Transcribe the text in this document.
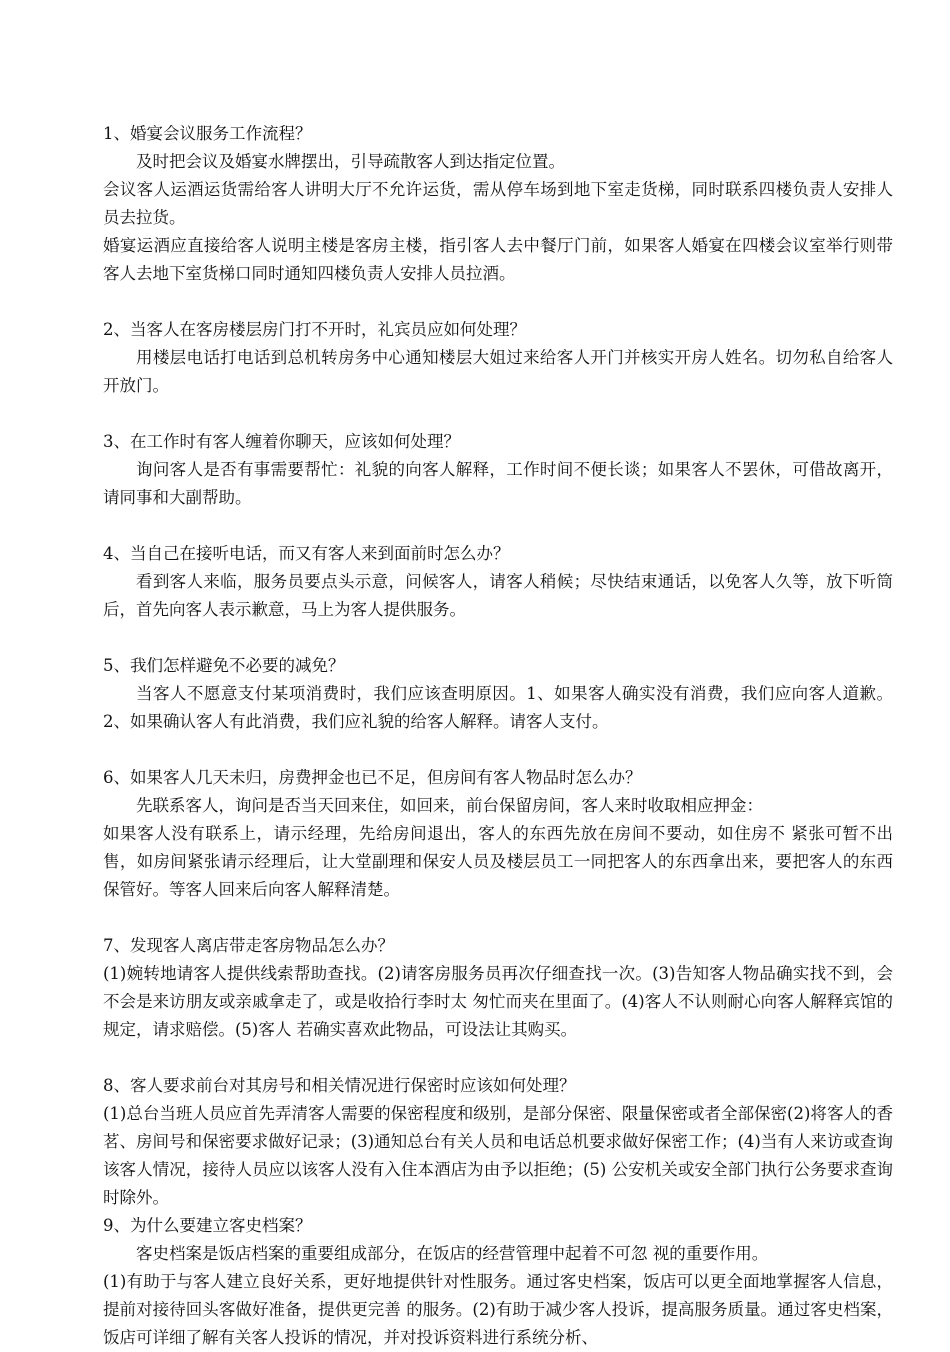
1、婚宴会议服务工作流程？

及时把会议及婚宴水牌摆出，引导疏散客人到达指定位置。

会议客人运酒运货需给客人讲明大厅不允许运货，需从停车场到地下室走货梯，同时联系四楼负责人安排人员去拉货。

婚宴运酒应直接给客人说明主楼是客房主楼，指引客人去中餐厅门前，如果客人婚宴在四楼会议室举行则带客人去地下室货梯口同时通知四楼负责人安排人员拉酒。

2、当客人在客房楼层房门打不开时，礼宾员应如何处理？

用楼层电话打电话到总机转房务中心通知楼层大姐过来给客人开门并核实开房人姓名。切勿私自给客人开放门。

3、在工作时有客人缠着你聊天，应该如何处理？

询问客人是否有事需要帮忙：礼貌的向客人解释，工作时间不便长谈；如果客人不罢休，可借故离开，请同事和大副帮助。

4、当自己在接听电话，而又有客人来到面前时怎么办？

看到客人来临，服务员要点头示意，问候客人，请客人稍候；尽快结束通话，以免客人久等，放下听筒后，首先向客人表示歉意，马上为客人提供服务。

5、我们怎样避免不必要的减免？

当客人不愿意支付某项消费时，我们应该查明原因。1、如果客人确实没有消费，我们应向客人道歉。2、如果确认客人有此消费，我们应礼貌的给客人解释。请客人支付。

6、如果客人几天未归，房费押金也已不足，但房间有客人物品时怎么办？

先联系客人，询问是否当天回来住，如回来，前台保留房间，客人来时收取相应押金：

如果客人没有联系上，请示经理，先给房间退出，客人的东西先放在房间不要动，如住房不 紧张可暂不出售，如房间紧张请示经理后，让大堂副理和保安人员及楼层员工一同把客人的东西拿出来，要把客人的东西保管好。等客人回来后向客人解释清楚。

7、发现客人离店带走客房物品怎么办？

(1)婉转地请客人提供线索帮助查找。(2)请客房服务员再次仔细查找一次。(3)告知客人物品确实找不到，会不会是来访朋友或亲戚拿走了，或是收拾行李时太 匆忙而夹在里面了。(4)客人不认则耐心向客人解释宾馆的规定，请求赔偿。(5)客人 若确实喜欢此物品，可设法让其购买。

8、客人要求前台对其房号和相关情况进行保密时应该如何处理？

(1)总台当班人员应首先弄清客人需要的保密程度和级别，是部分保密、限量保密或者全部保密(2)将客人的香茗、房间号和保密要求做好记录；(3)通知总台有关人员和电话总机要求做好保密工作；(4)当有人来访或查询该客人情况，接待人员应以该客人没有入住本酒店为由予以拒绝；(5) 公安机关或安全部门执行公务要求查询时除外。

9、为什么要建立客史档案？

客史档案是饭店档案的重要组成部分，在饭店的经营管理中起着不可忽 视的重要作用。

(1)有助于与客人建立良好关系，更好地提供针对性服务。通过客史档案，饭店可以更全面地掌握客人信息，提前对接待回头客做好准备，提供更完善 的服务。(2)有助于减少客人投诉，提高服务质量。通过客史档案，饭店可详细了解有关客人投诉的情况，并对投诉资料进行系统分析、
